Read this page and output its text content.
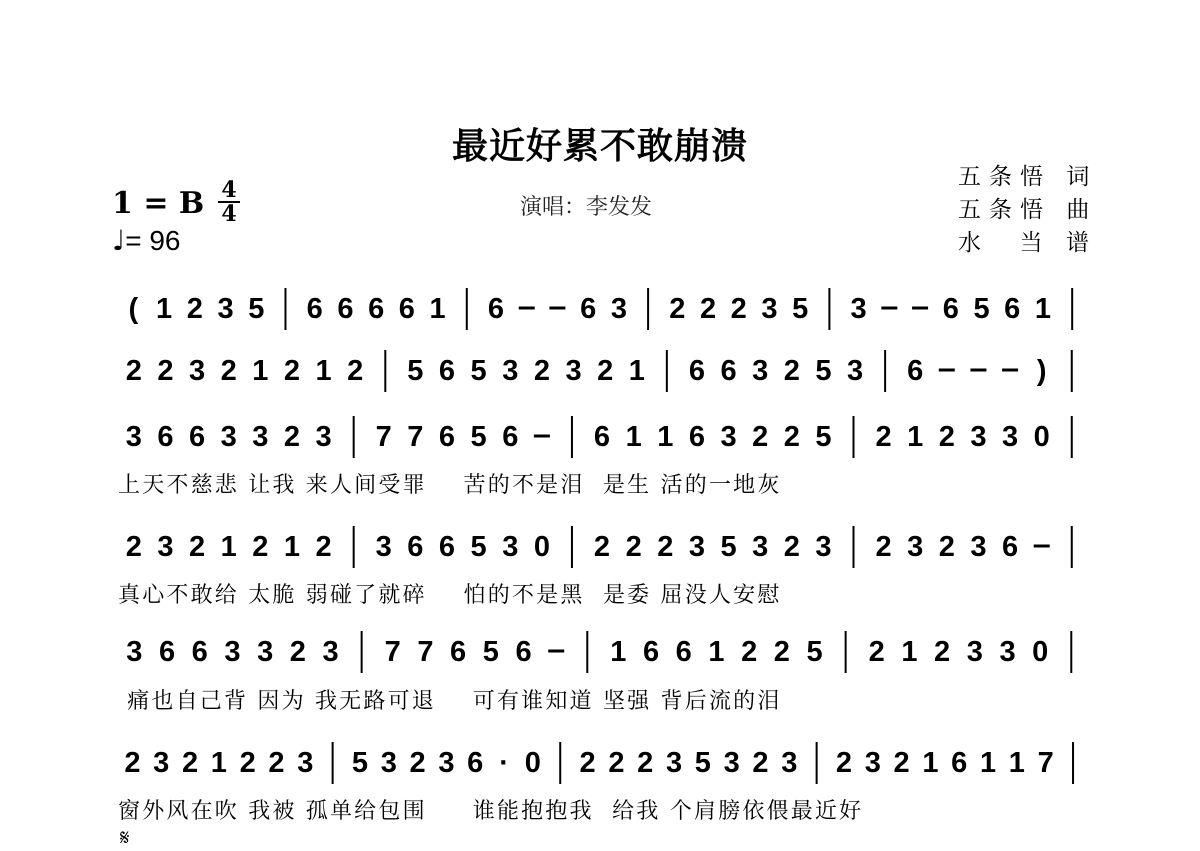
最近好累不敢崩溃
1 = B 4
4
♩= 96
演唱：李发发
五条悟 词
五条悟 曲
水  当 谱
( 1 2 3 5 6 6 6 6 1 6	6 3 2 2 2 3 5 3	6 5 6 1
2 2 3 2 1 2 1 2 5 6 5 3 2 3 2 1 6 6 3 2 5 3 6	)
3 6 6 3 3 2 3 7 7 6 5 6	6 1 1 6 3 2 2 5 2 1 2 3 3 0
2 3 2 1 2 1 2 3 6 6 5 3 0 2 2 2 3 5 3 2 3 2 3 2 3 6
3 6 6 3 3 2 3 7 7 6 5 6	1 6 6 1 2 2 5 2 1 2 3 3 0
2 3 2 1 2 2 3 5 3 2 3 6 · 0 2 2 2 3 5 3 2 3 2 3 2 1 6 1 1 7
上天不慈悲 让我 来人间受罪    苦的不是泪  是生 活的一地灰
真心不敢给 太脆 弱碰了就碎    怕的不是黑  是委 屈没人安慰
痛也自己背 因为 我无路可退    可有谁知道 坚强 背后流的泪
窗外风在吹 我被 孤单给包围     谁能抱抱我  给我 个肩膀依偎最近好
𝄋
